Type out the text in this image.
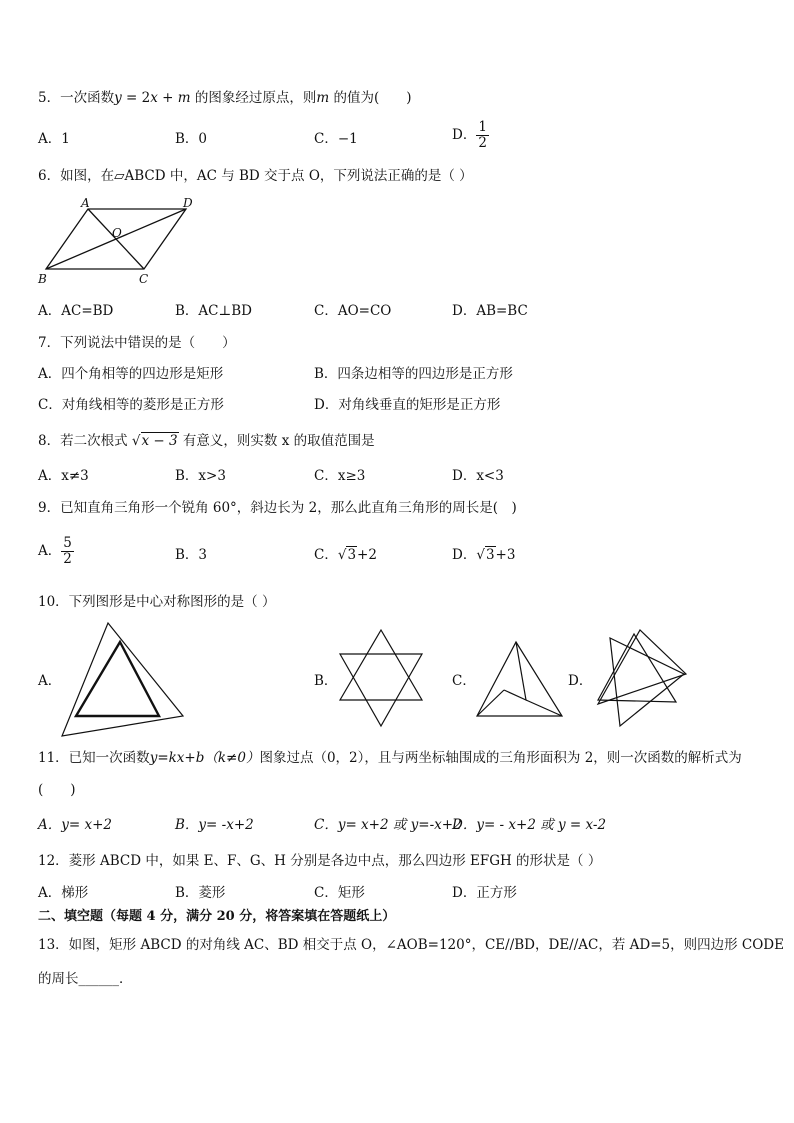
5．一次函数y = 2x + m 的图象经过原点，则m 的值为(　　)
A．1	B．0	C．−1	D． $\frac{1}{2}$
6．如图，在▱ABCD 中，AC 与 BD 交于点 O，下列说法正确的是（ ）
A	D
B	C
O
A．AC=BD	B．AC⊥BD	C．AO=CO	D．AB=BC
7．下列说法中错误的是（　　）
A．四个角相等的四边形是矩形	B．四条边相等的四边形是正方形
C．对角线相等的菱形是正方形	D．对角线垂直的矩形是正方形
8．若二次根式 √x − 3 有意义，则实数 x 的取值范围是
A．x≠3	B．x>3	C．x≥3	D．x<3
9．已知直角三角形一个锐角 60°，斜边长为 2，那么此直角三角形的周长是(　)
A． $\frac{5}{2}$	B．3	C．√3+2	D．√3+3
10．下列图形是中心对称图形的是（ ）
A．	B．	C．	D．
11．已知一次函数y=kx+b（k≠0）图象过点（0，2），且与两坐标轴围成的三角形面积为 2，则一次函数的解析式为
(　　)
A．y= x+2	B．y= -x+2	C．y= x+2 或 y=-x+2
D．y= - x+2 或 y = x-2
12．菱形 ABCD 中，如果 E、F、G、H 分别是各边中点，那么四边形 EFGH 的形状是（ ）
A．梯形	B．菱形	C．矩形	D．正方形
二、填空题（每题 4 分，满分 20 分，将答案填在答题纸上）
13．如图，矩形 ABCD 的对角线 AC、BD 相交于点 O，∠AOB=120°，CE//BD，DE//AC，若 AD=5，则四边形 CODE
的周长______．
